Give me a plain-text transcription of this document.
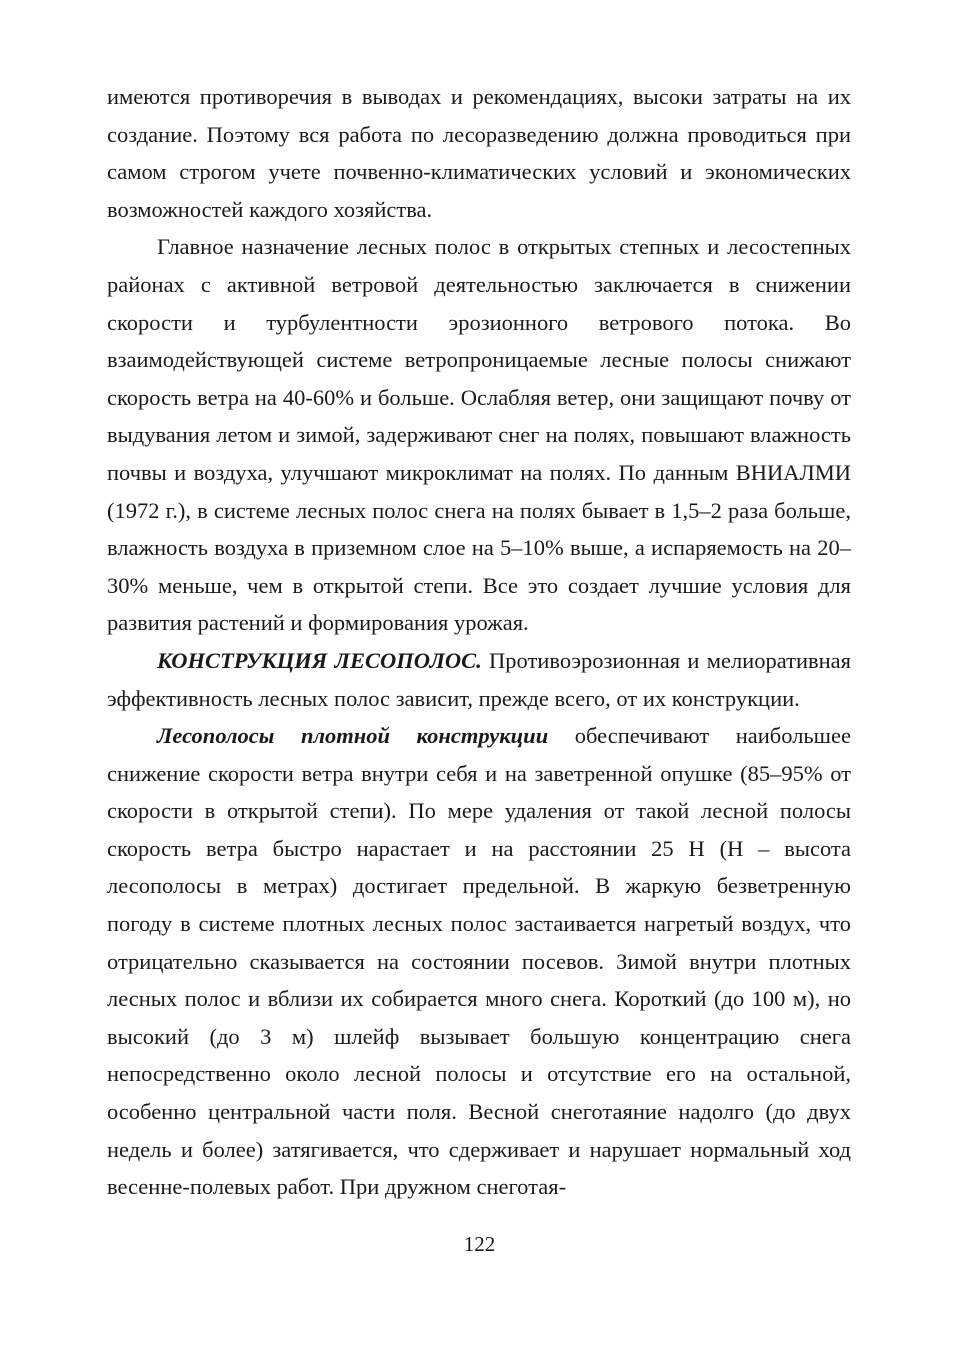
имеются противоречия в выводах и рекомендациях, высоки затраты на их создание. Поэтому вся работа по лесоразведению должна проводиться при самом строгом учете почвенно-климатических условий и экономических возможностей каждого хозяйства.

Главное назначение лесных полос в открытых степных и лесостепных районах с активной ветровой деятельностью заключается в снижении скорости и турбулентности эрозионного ветрового потока. Во взаимодействующей системе ветропроницаемые лесные полосы снижают скорость ветра на 40-60% и больше. Ослабляя ветер, они защищают почву от выдувания летом и зимой, задерживают снег на полях, повышают влажность почвы и воздуха, улучшают микроклимат на полях. По данным ВНИАЛМИ (1972 г.), в системе лесных полос снега на полях бывает в 1,5–2 раза больше, влажность воздуха в приземном слое на 5–10% выше, а испаряемость на 20–30% меньше, чем в открытой степи. Все это создает лучшие условия для развития растений и формирования урожая.

КОНСТРУКЦИЯ ЛЕСОПОЛОС. Противоэрозионная и мелиоративная эффективность лесных полос зависит, прежде всего, от их конструкции.

Лесополосы плотной конструкции обеспечивают наибольшее снижение скорости ветра внутри себя и на заветренной опушке (85–95% от скорости в открытой степи). По мере удаления от такой лесной полосы скорость ветра быстро нарастает и на расстоянии 25 Н (Н – высота лесополосы в метрах) достигает предельной. В жаркую безветренную погоду в системе плотных лесных полос застаивается нагретый воздух, что отрицательно сказывается на состоянии посевов. Зимой внутри плотных лесных полос и вблизи их собирается много снега. Короткий (до 100 м), но высокий (до 3 м) шлейф вызывает большую концентрацию снега непосредственно около лесной полосы и отсутствие его на остальной, особенно центральной части поля. Весной снеготаяние надолго (до двух недель и более) затягивается, что сдерживает и нарушает нормальный ход весенне-полевых работ. При дружном снеготая-

122
